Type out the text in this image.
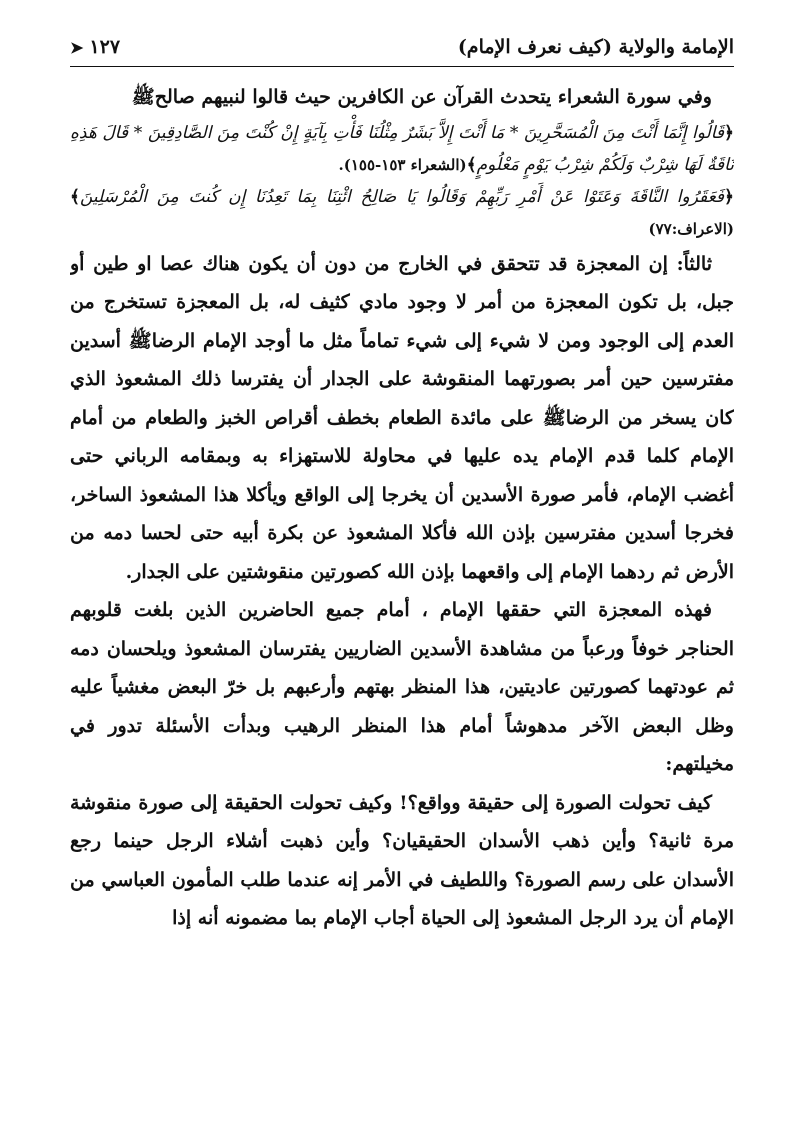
الإمامة والولاية (كيف نعرف الإمام)
➤ ١٢٧

وفي سورة الشعراء يتحدث القرآن عن الكافرين حيث قالوا لنبيهم صالحﷺ

﴿قَالُوا إِنَّمَا أَنْتَ مِنَ الْمُسَحَّرِينَ * مَا أَنْتَ إِلاَّ بَشَرٌ مِثْلُنَا فَأْتِ بِآيَةٍ إِنْ كُنْتَ مِنَ الصَّادِقِينَ * قَالَ هَذِهِ نَاقَةٌ لَهَا شِرْبٌ وَلَكُمْ شِرْبُ يَوْمٍ مَعْلُومٍ﴾(الشعراء ١٥٣-١٥٥).

﴿فَعَقَرُوا النَّاقَةَ وَعَتَوْا عَنْ أَمْرِ رَبِّهِمْ وَقَالُوا يَا صَالِحُ ائْتِنَا بِمَا تَعِدُنَا إِن كُنتَ مِنَ الْمُرْسَلِينَ﴾(الاعراف:٧٧)

ثالثاً: إن المعجزة قد تتحقق في الخارج من دون أن يكون هناك عصا او طين أو جبل، بل تكون المعجزة من أمر لا وجود مادي كثيف له، بل المعجزة تستخرج من العدم إلى الوجود ومن لا شيء إلى شيء تماماً مثل ما أوجد الإمام الرضاﷺ أسدين مفترسين حين أمر بصورتهما المنقوشة على الجدار أن يفترسا ذلك المشعوذ الذي كان يسخر من الرضاﷺ على مائدة الطعام بخطف أقراص الخبز والطعام من أمام الإمام كلما قدم الإمام يده عليها في محاولة للاستهزاء به وبمقامه الرباني حتى أغضب الإمام، فأمر صورة الأسدين أن يخرجا إلى الواقع ويأكلا هذا المشعوذ الساخر، فخرجا أسدين مفترسين بإذن الله فأكلا المشعوذ عن بكرة أبيه حتى لحسا دمه من الأرض ثم ردهما الإمام إلى واقعهما بإذن الله كصورتين منقوشتين على الجدار.

فهذه المعجزة التي حققها الإمام ، أمام جميع الحاضرين الذين بلغت قلوبهم الحناجر خوفاً ورعباً من مشاهدة الأسدين الضاريين يفترسان المشعوذ ويلحسان دمه ثم عودتهما كصورتين عاديتين، هذا المنظر بهتهم وأرعبهم بل خرّ البعض مغشياً عليه وظل البعض الآخر مدهوشاً أمام هذا المنظر الرهيب وبدأت الأسئلة تدور في مخيلتهم:

كيف تحولت الصورة إلى حقيقة وواقع؟! وكيف تحولت الحقيقة إلى صورة منقوشة مرة ثانية؟ وأين ذهب الأسدان الحقيقيان؟ وأين ذهبت أشلاء الرجل حينما رجع الأسدان على رسم الصورة؟ واللطيف في الأمر إنه عندما طلب المأمون العباسي من الإمام أن يرد الرجل المشعوذ إلى الحياة أجاب الإمام بما مضمونه أنه إذا
